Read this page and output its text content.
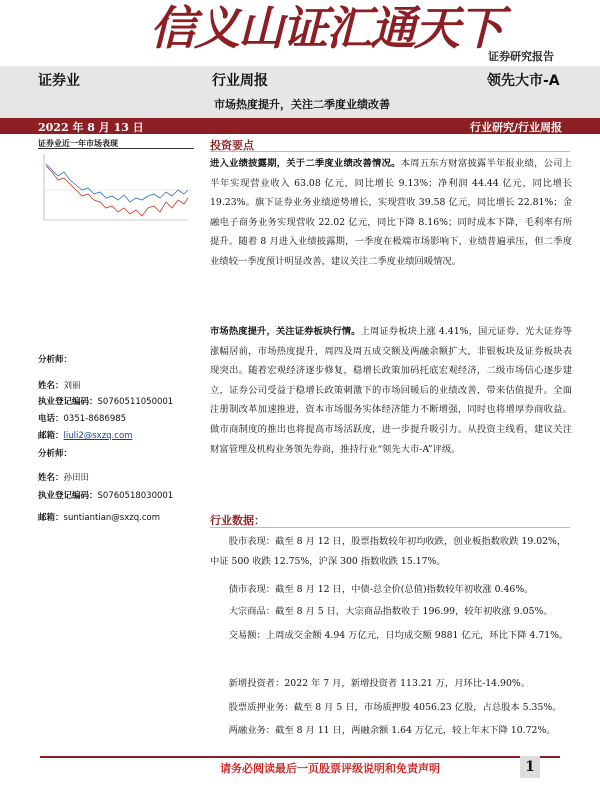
信义山证汇通天下
证券研究报告
证券业	行业周报	领先大市-A
市场热度提升，关注二季度业绩改善
2022 年 8 月 13 日	行业研究/行业周报
证券业近一年市场表现
分析师：
姓名：刘丽
执业登记编码：S0760511050001
电话：0351-8686985
邮箱：liuli2@sxzq.com
分析师：
姓名：孙田田
执业登记编码：S0760518030001
邮箱：suntiantian@sxzq.com
投资要点
进入业绩披露期，关于二季度业绩改善情况。本周五东方财富披露半年报业绩，公司上半年实现营业收入 63.08 亿元，同比增长 9.13%；净利润 44.44 亿元，同比增长 19.23%。旗下证券业务业绩逆势增长，实现营收 39.58 亿元，同比增长 22.81%；金融电子商务业务实现营收 22.02 亿元，同比下降 8.16%；同时成本下降，毛利率有所提升。随着 8 月进入业绩披露期，一季度在极端市场影响下，业绩普遍承压，但二季度业绩较一季度预计明显改善，建议关注二季度业绩回暖情况。
市场热度提升，关注证券板块行情。上周证券板块上涨 4.41%，国元证券、光大证券等涨幅居前，市场热度提升，周四及周五成交额及两融余额扩大，非银板块及证券板块表现突出。随着宏观经济逐步修复，稳增长政策加码托底宏观经济，二级市场信心逐步建立，证券公司受益于稳增长政策刺激下的市场回暖后的业绩改善，带来估值提升。全面注册制改革加速推进，资本市场服务实体经济能力不断增强，同时也将增厚券商收益。做市商制度的推出也将提高市场活跃度，进一步提升吸引力。从投资主线看，建议关注财富管理及机构业务领先券商，推持行业“领先大市-A”评级。
行业数据：
股市表现：截至 8 月 12 日，股票指数较年初均收跌，创业板指数收跌 19.02%，中证 500 收跌 12.75%，沪深 300 指数收跌 15.17%。
债市表现：截至 8 月 12 日，中债-总全价(总值)指数较年初收涨 0.46%。
大宗商品：截至 8 月 5 日，大宗商品指数收于 196.99，较年初收涨 9.05%。
交易额：上周成交金额 4.94 万亿元，日均成交额 9881 亿元，环比下降 4.71%。
新增投资者：2022 年 7 月，新增投资者 113.21 万，月环比-14.90%。
股票质押业务：截至 8 月 5 日，市场质押股 4056.23 亿股，占总股本 5.35%。
两融业务：截至 8 月 11 日，两融余额 1.64 万亿元，较上年末下降 10.72%。
请务必阅读最后一页股票评级说明和免责声明	1
